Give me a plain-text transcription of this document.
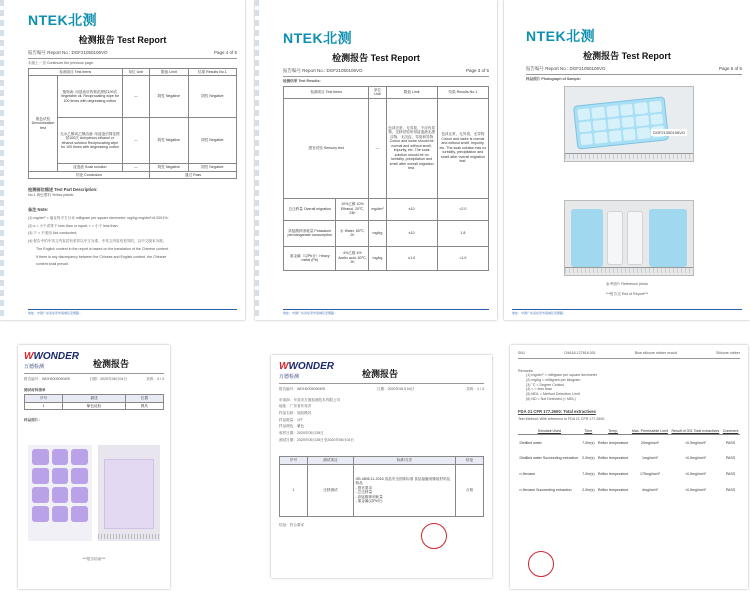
NTEK北测
检测报告 Test Report
报告编号 Report No.: DGF21050106VO	Page 4 of 5
未续上一页 Continues the previous page:
检测项目 Test Items		单位 Unit	限值 Limit	结果 Results No.1
脱色试验 Decolorization test	植物油: 用浸油后的棉花擦拭100次 Vegetable oil, Reciprocating wipe for 100 times with degreasing cotton	—	阴性 Negative	阴性 Negative
	无水乙醇或乙醇溶液: 用浸泡后棉花擦拭100次 Anhydrous ethanol or ethanol solution Reciprocating wipe for 100 times with degreasing cotton	—	阴性 Negative	阴性 Negative
	浸泡液 Soak solution	—	阴性 Negative	阴性 Negative
结论 Conclusion			通过 Pass	
检测部位描述 Test Part Description:
No.1 黄色塑料 Yellow plastic
备注 Note:
(1) mg/dm² = 毫克每平方分米 milligram per square decimeter; mg/kg=mg/dm²×6 0001%;
(2) ≤ = 小于或等于 less than or equal; < = 小于 less than;
(3) "/" = 不适用 Not conducted;
(4) 报告中的中英文内容若有差异以中文为准，中英文内容有差异的，以中文版本为准。
The English content in the report is based on the translation of the Chinese content.
If there is any discrepancy between the Chinese and English content, the Chinese
content shall prevail.
地址：中国广东省东莞市南城区宏图路...
NTEK北测
检测报告 Test Report
报告编号 Report No.: DGF21050106VO	Page 3 of 5
检测结果 Test Results:
检测项目 Test Items		单位 Unit	限值 Limit	结果 Results No.1
感官试验 Sensory test		—	色泽正常，无异臭，不应有异物，迁移试验所得浸泡液无漂浮物，无沉淀，异臭和异物 Colour and lustre should be normal and without smell, impurity, etc. The soak solution should be no turbidity, precipitation and smell after overall migration test.	色泽正常，无异臭，无异物 Colour and lustre is normal and without smell, impurity, etc. The soak solution has no turbidity, precipitation and smell after overall migration test.
总迁移量 Overall migration	10%乙醇 10% Ethanol, 20℃, 24h	mg/dm²	≤10	<2.0
高锰酸钾消耗量 Potassium permanganate consumption	水 Water, 60℃, 2h	mg/kg	≤10	1.8
重金属（以Pb计）Heavy metal (Pb)	4%乙酸 4% Acetic acid, 60℃, 2h	mg/kg	≤1.0	<1.0
地址：中国广东省东莞市南城区宏图路...
NTEK北测
检测报告 Test Report
报告编号 Report No.: DGF21050106VO	Page 5 of 5
样品照片 Photograph of Sample:
DGF21050106VO
参考照片 Reference photo
***报告完 End of Report***
地址：中国广东省东莞市南城区宏图路...
WWONDER
万德检测	检测报告
报告编号：WDH20050904RI	日期：2020年06月04日	页码：3 / 3
测试材料清单
序号	描述	位置
1	紫色硅胶	模具
样品照片：
***报告结束***
WWONDER
万德检测	检测报告
报告编号：WDH20050904RI	日期：2020年06月04日	页码：1 / 3
申请商：东莞市万德检测技术有限公司
地址：广东省东莞市
样品名称：硅胶模具
样品数量：1件
样品颜色：紫色
收样日期：2020年05月28日
测试日期：2020年05月28日至2020年06月04日
序号	测试项目	标准/方法	结论
1	迁移测试	GB 4806.11-2016 食品安全国家标准 食品接触用橡胶材料及制品
- 感官要求
- 总迁移量
- 高锰酸钾消耗量
- 重金属(以Pb计)	合格
结论：符合要求
SN1	CHA18-127816.001	Blue silicone rubber mould	Silicone rubber
Remarks:
(1) mg/dm² = milligram per square decimeter
(2) mg/kg = milligram per kilogram
(3) °C = Degree Celsius
(4) < = less than
(5) MDL = Method Detection Limit
(6) ND = Not Detected (< MDL)
FDA 21 CFR 177.2600: Total extractives
Test Method: With reference to FDA 21 CFR 177.2600.
Simulant Used	Time	Temp.	Max. Permissible Limit	Result of 001 Total extractives	Comment
Distilled water	7.0hr(s)	Reflux temperature	20mg/inch²	<0.5mg/inch²	PASS
Distilled water Succeeding extraction	2.0hr(s)	Reflux temperature	1mg/inch²	<0.5mg/inch²	PASS
n-Hexane	7.0hr(s)	Reflux temperature	175mg/inch²	<0.5mg/inch²	PASS
n-Hexane Succeeding extraction	2.0hr(s)	Reflux temperature	4mg/inch²	<0.5mg/inch²	PASS
